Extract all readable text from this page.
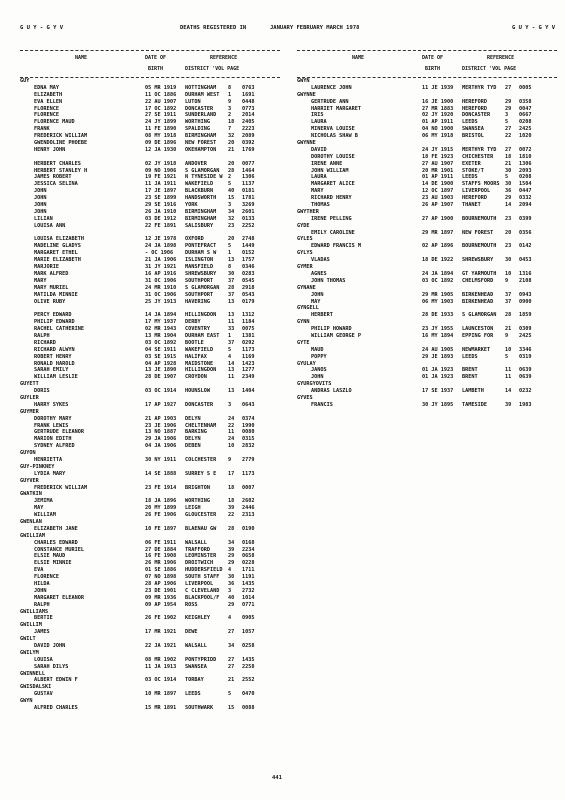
G U Y - G Y V	DEATHS REGISTERED IN	JANUARY FEBRUARY MARCH 1978	G U Y - G Y V
NAME	DATE OF
BIRTH
REFERENCE
DISTRICT 'VOL PAGE
GUY
EDNA MAY	05 MR 1919 NOTTINGHAM 8 0763
ELIZABETH	11 OC 1886 DURHAM WEST 1 1691
EVA ELLEN	22 AU 1907 LUTON	9 0448
FLORENCE	17 OC 1892 DONCASTER	3 0773
FLORENCE	27 SE 1911 SUNDERLAND 2 2014
FLORENCE MAUD	24 JY 1899 WORTHING	18 2405
FRANK	11 FE 1890 SPALDING	7 2223
FREDERICK WILLIAM	08 MY 1918 BIRMINGHAM 32 2089
GWENDOLINE PHOEBE	09 DE 1896 NEW FOREST 20 0392
HENRY JOHN	12 JA 1930 OKEHAMPTON 21 1769
HERBERT CHARLES	02 JY 1918 ANDOVER	20 0077
HERBERT STANLEY H	09 NO 1906 S GLAMORGAN 28 1464
JAMES ROBERT	19 FE 1921 N TYNESIDE W 2 1306
JESSICA SELINA	11 JA 1911 WAKEFIELD	5 1137
JOHN	17 JE 1897 BLACKBURN	40 0181
JOHN	23 SE 1899 HANDSWORTH 15 1781
JOHN	29 SE 1916 YORK	3 3269
JOHN	26 JA 1910 BIRMINGHAM 34 2601
LILIAN	03 DE 1912 BIRMINGHAM 32 0133
LOUISA ANN	22 FE 1891 SALISBURY	23 2252
LOUISA ELIZABETH	12 JE 1978 OXFORD	20 2748
MADELINE GLADYS	24 JA 1898 PONTEFRACT 5 1449
MARGARET ETHEL	- OC 1906 DURHAM S W 1 0152
MARIE ELIZABETH	21 JA 1906 ISLINGTON	13 1757
MARJORIE	31 JY 1921 MANSFIELD	8 0346
MARK ALFRED	16 AP 1916 SHREWSBURY 30 0283
MARY	31 OC 1906 SOUTHPORT	37 0545
MARY MURIEL	24 MR 1910 S GLAMORGAN 28 2918
MATILDA MINNIE	31 OC 1906 SOUTHPORT	37 0543
OLIVE RUBY	25 JY 1913 HAVERING	13 0179
PERCY EDWARD	14 JA 1894 HILLINGDON 13 1312
PHILIP EDWARD	17 MY 1937 DERBY	11 1184
RACHEL CATHERINE	02 MR 1943 COVENTRY	33 0075
RALPH	13 MR 1904 DURHAM EAST 1 1381
RICHARD	03 OC 1892 BOOTLE	37 0292
RICHARD ALWYN	04 SE 1911 WAKEFIELD	5 1173
ROBERT HENRY	03 SE 1915 HALIFAX	4 1169
RONALD HAROLD	04 AP 1928 MAIDSTONE	14 1423
SARAH EMILY	13 JE 1890 HILLINGDON 13 1277
WILLIAM LESLIE	28 DE 1907 CROYDON	11 2349
GUYETT
DORIS	03 OC 1914 HOUNSLOW	13 1404
GUYLER
HARRY SYKES	17 AP 1927 DONCASTER	3 0643
GUYMER
DOROTHY MARY	21 AP 1903 DELYN	24 0374
FRANK LEWIS	23 JE 1906 CHELTENHAM 22 1990
GERTRUDE ELEANOR	13 NO 1887 BARKING	11 0080
MARION EDITH	29 JA 1906 DELYN	24 0315
SYDNEY ALFRED	04 JA 1906 DEBEN	10 2832
GUYON
HENRIETTA	30 NY 1911 COLCHESTER 9 2779
GUY-PINKNEY
LYDIA MARY	14 SE 1888 SURREY S E 17 1173
GUYVER
FREDERICK WILLIAM	23 FE 1914 BRIGHTON	18 0007
GWATKIN
JEMIMA	18 JA 1896 WORTHING	18 2602
MAY	20 MY 1899 LEIGH	39 2446
WILLIAM	26 FE 1906 GLOUCESTER 22 2313
GWENLAN
ELIZABETH JANE	10 FE 1897 BLAENAU GW 28 0190
GWILLIAM
CHARLES EDWARD	06 FE 1911 WALSALL	34 0168
CONSTANCE MURIEL	27 DE 1884 TRAFFORD	39 2234
ELSIE MAUD	16 FE 1908 LEOMINSTER 29 0658
ELSIE MINNIE	26 MR 1906 DROITWICH	29 0228
EVA	01 SE 1886 HUDDERSFIELD 4 1711
FLORENCE	07 NO 1898 SOUTH STAFF 30 1191
HILDA	28 AP 1906 LIVERPOOL	36 1435
JOHN	23 DE 1901 C CLEVELAND 3 2732
MARGARET ELEANOR	09 MR 1936 BLACKPOOL/F 40 1014
RALPH	09 AP 1954 ROSS	29 0771
GWILLIAMS
BERTIE	26 FE 1902 KEIGHLEY	4 0905
GWILLIM
JAMES	17 MR 1921 DEWE	27 1057
GWILT
DAVID JOHN	22 JA 1921 WALSALL	34 0258
GWILYM
LOUISA	08 MR 1902 PONTYPRIDD 27 1435
SARAH DILYS	11 JA 1913 SWANSEA	27 2258
GWINNELL
ALBERT EDWIN F	03 OC 1914 TORBAY	21 2552
GWISDALSKI
GUSTAV	10 MR 1897 LEEDS	5 0470
GWYN
ALFRED CHARLES	15 MR 1891 SOUTHWARK	15 0088
NAME	DATE OF
BIRTH
REFERENCE
DISTRICT 'VOL PAGE
GWYN
LAURENCE JOHN	11 JE 1939 MERTHYR TYD 27 0005
GWYNNE
GERTRUDE ANN	16 JE 1900 HEREFORD	29 0358
HARRIET MARGARET	27 MR 1883 HEREFORD	29 0047
IRIS	02 JY 1920 DONCASTER	3 0667
LAURA	01 AP 1911 LEEDS	5 0208
MINERVA LOUISE	04 NO 1900 SWANSEA	27 2425
NICHOLAS SHAW B	06 MY 1918 BRISTOL	22 1020
GWYNNE
DAVID	24 JY 1915 MERTHYR TYD 27 0072
DOROTHY LOUISE	18 FE 1923 CHICHESTER 18 1810
IRENE ANNE	27 AU 1907 EXETER	21 1306
JOHN WILLIAM	20 MR 1901 STOKE/T	30 2093
LAURA	01 AP 1911 LEEDS	5 0208
MARGARET ALICE	14 DE 1900 STAFFS MOORS 30 1504
MARY	12 OC 1897 LIVERPOOL	36 0447
RICHARD HENRY	23 AU 1903 HEREFORD	29 0332
THOMAS	26 AP 1907 THANET	14 2094
GWYTHER
IRENE PELLING	27 AP 1900 BOURNEMOUTH 23 0399
GYDE
EMILY CAROLINE	29 MR 1897 NEW FOREST 20 0356
GYLES
EDWARD FRANCIS M	02 AP 1896 BOURNEMOUTH 23 0142
GYLYS
VLADAS	18 DE 1922 SHREWSBURY 30 0453
GYMER
AGNES	24 JA 1894 GT YARMOUTH 10 1316
JOHN THOMAS	03 OC 1892 CHELMSFORD 9 2108
GYNANE
JOHN	29 MR 1905 BIRKENHEAD 37 0943
MAY	06 MY 1903 BIRKENHEAD 37 0900
GYNGELL
HERBERT	28 DE 1933 S GLAMORGAN 28 1859
GYNN
PHILIP HOWARD	23 JY 1955 LAUNCESTON 21 0309
WILLIAM GEORGE P	16 MY 1894 EPPING FOR 9 2425
GYTE
MAUD	24 AU 1905 NEWMARKET	10 3346
POPPY	29 JE 1893 LEEDS	5 0319
GYULAY
JANOS	01 JA 1923 BRENT	11 0639
JOHN	01 JA 1923 BRENT	11 0639
GYURGYOVITS
ANDRAS LASZLO	17 SE 1937 LAMBETH	14 0232
GYVES
FRANCIS	30 JY 1895 TAMESIDE	39 1983
441
